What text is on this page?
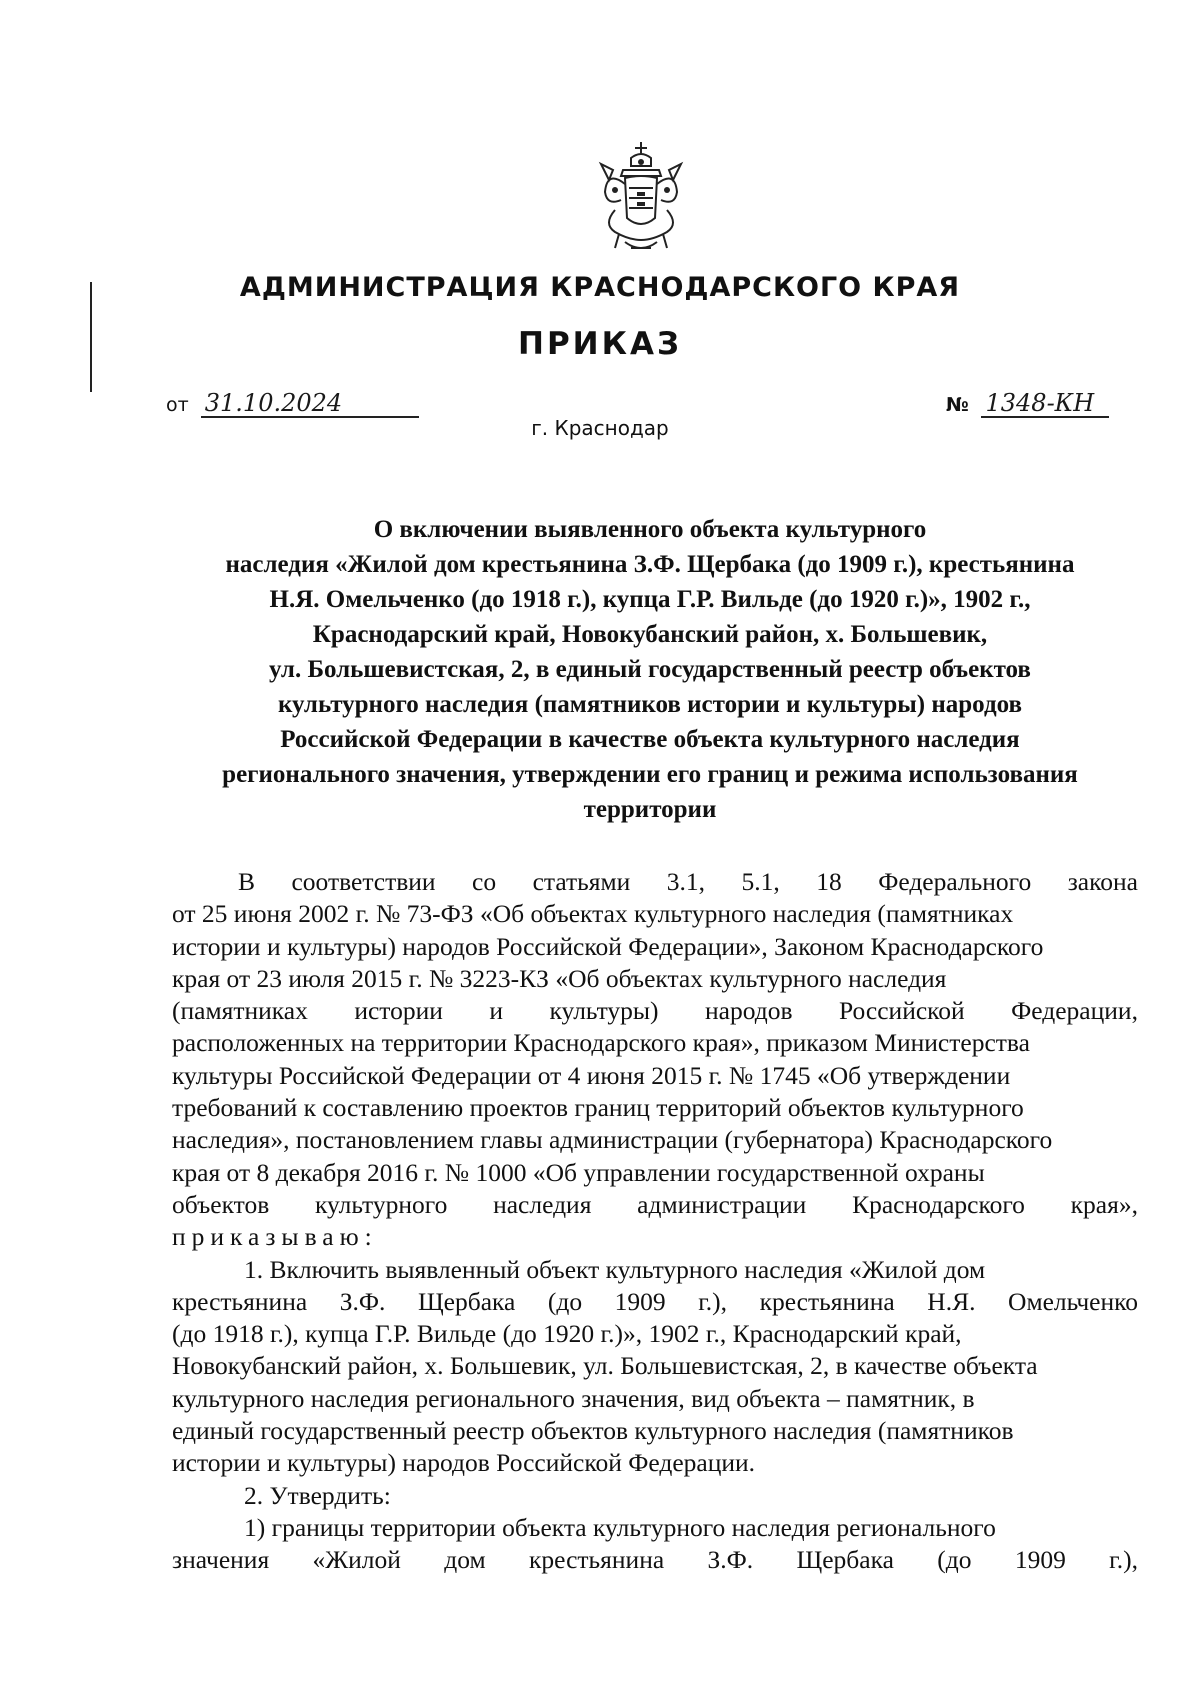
АДМИНИСТРАЦИЯ КРАСНОДАРСКОГО КРАЯ
ПРИКАЗ
от 31.10.2024	№ 1348-КН
г. Краснодар
О включении выявленного объекта культурного
наследия «Жилой дом крестьянина З.Ф. Щербака (до 1909 г.), крестьянина
Н.Я. Омельченко (до 1918 г.), купца Г.Р. Вильде (до 1920 г.)», 1902 г.,
Краснодарский край, Новокубанский район, х. Большевик,
ул. Большевистская, 2, в единый государственный реестр объектов
культурного наследия (памятников истории и культуры) народов
Российской Федерации в качестве объекта культурного наследия
регионального значения, утверждении его границ и режима использования
территории
В соответствии со статьями 3.1, 5.1, 18 Федерального закона
от 25 июня 2002 г. № 73-ФЗ «Об объектах культурного наследия (памятниках
истории и культуры) народов Российской Федерации», Законом Краснодарского
края от 23 июля 2015 г. № 3223-КЗ «Об объектах культурного наследия
(памятниках истории и культуры) народов Российской Федерации,
расположенных на территории Краснодарского края», приказом Министерства
культуры Российской Федерации от 4 июня 2015 г. № 1745 «Об утверждении
требований к составлению проектов границ территорий объектов культурного
наследия», постановлением главы администрации (губернатора) Краснодарского
края от 8 декабря 2016 г. № 1000 «Об управлении государственной охраны
объектов культурного наследия администрации Краснодарского края»,
приказываю:
1. Включить выявленный объект культурного наследия «Жилой дом
крестьянина З.Ф. Щербака (до 1909 г.), крестьянина Н.Я. Омельченко
(до 1918 г.), купца Г.Р. Вильде (до 1920 г.)», 1902 г., Краснодарский край,
Новокубанский район, х. Большевик, ул. Большевистская, 2, в качестве объекта
культурного наследия регионального значения, вид объекта – памятник, в
единый государственный реестр объектов культурного наследия (памятников
истории и культуры) народов Российской Федерации.
2. Утвердить:
1) границы территории объекта культурного наследия регионального
значения «Жилой дом крестьянина З.Ф. Щербака (до 1909 г.),
